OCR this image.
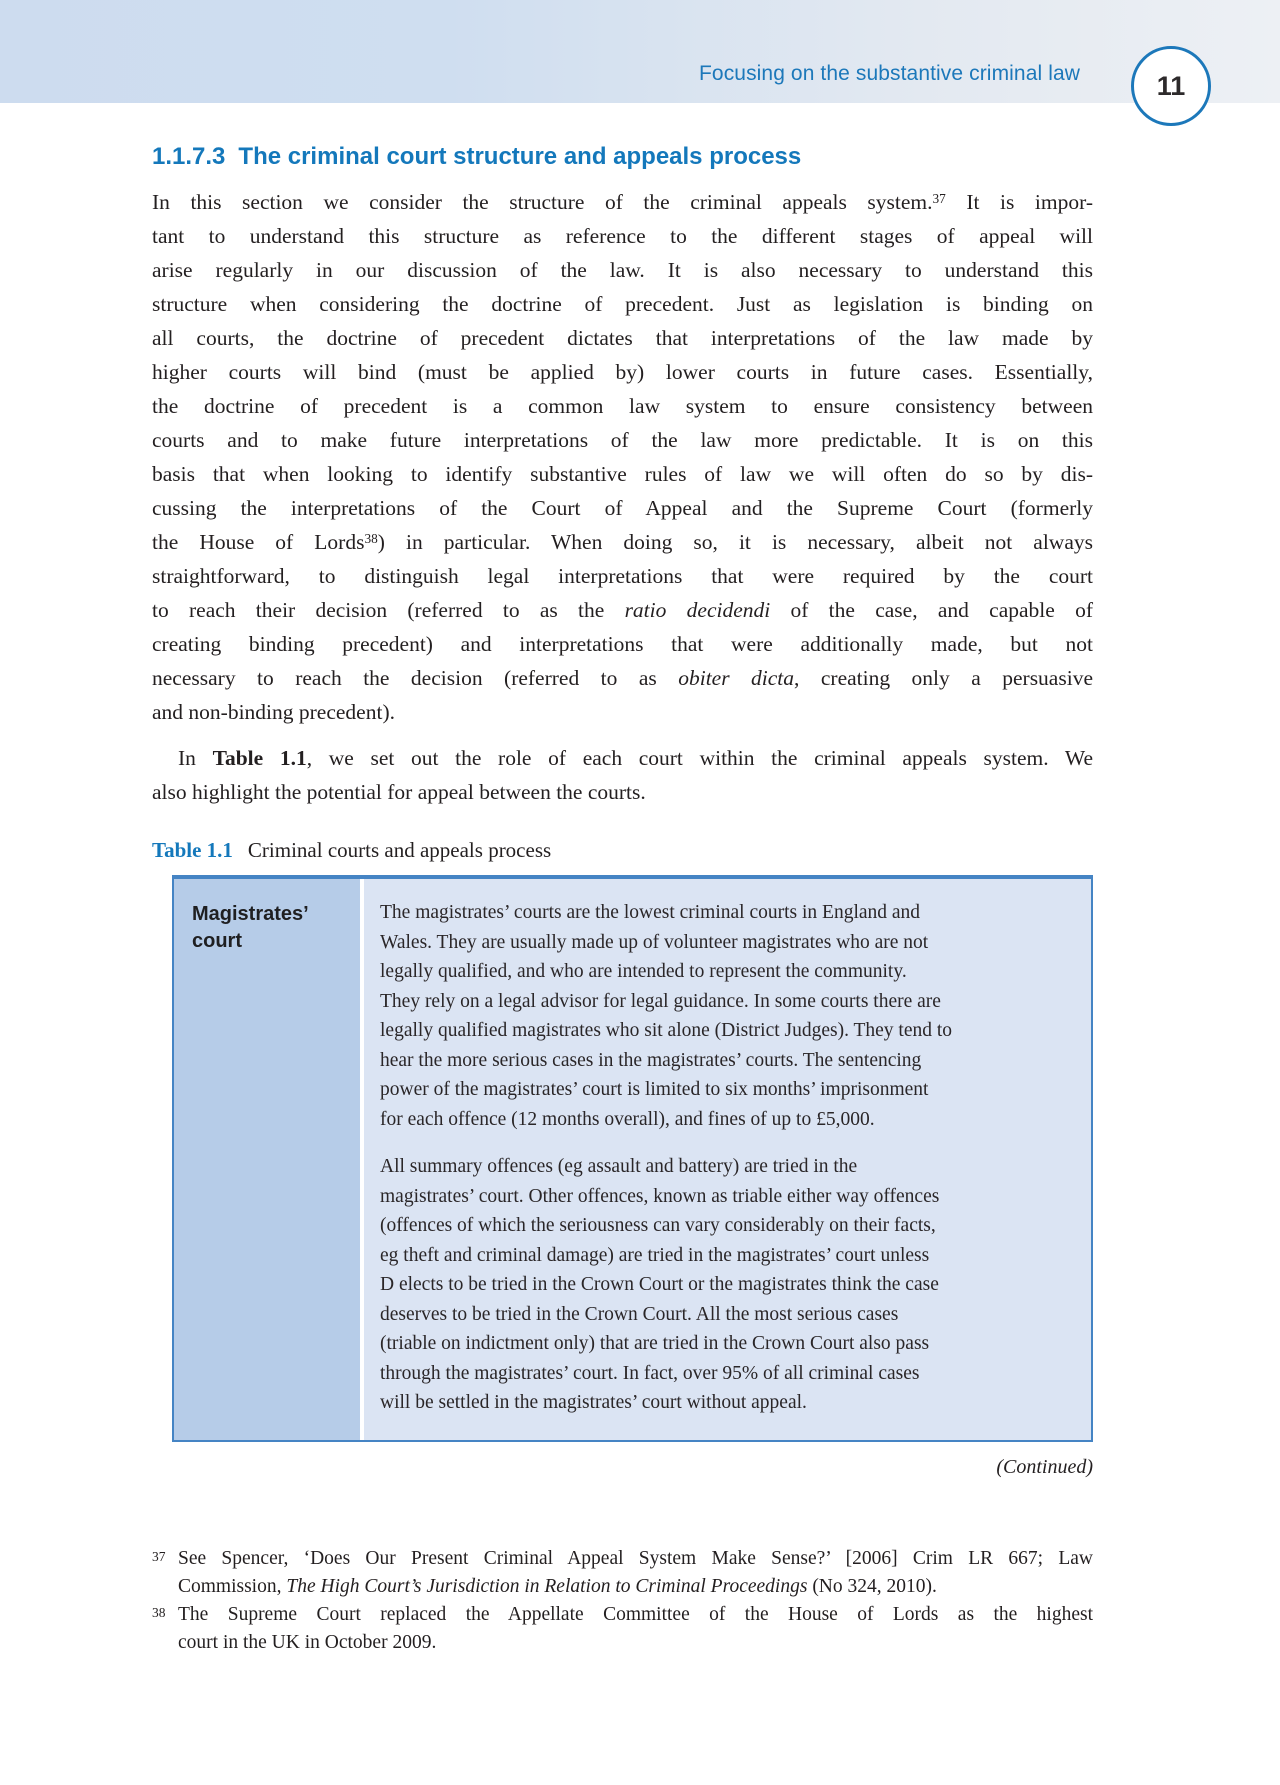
Focusing on the substantive criminal law	11
1.1.7.3 The criminal court structure and appeals process
In this section we consider the structure of the criminal appeals system.$^{37}$ It is impor-
tant to understand this structure as reference to the different stages of appeal will
arise regularly in our discussion of the law. It is also necessary to understand this
structure when considering the doctrine of precedent. Just as legislation is binding on
all courts, the doctrine of precedent dictates that interpretations of the law made by
higher courts will bind (must be applied by) lower courts in future cases. Essentially,
the doctrine of precedent is a common law system to ensure consistency between
courts and to make future interpretations of the law more predictable. It is on this
basis that when looking to identify substantive rules of law we will often do so by dis-
cussing the interpretations of the Court of Appeal and the Supreme Court (formerly
the House of Lords$^{38}$) in particular. When doing so, it is necessary, albeit not always
straightforward, to distinguish legal interpretations that were required by the court
to reach their decision (referred to as the ratio decidendi of the case, and capable of
creating binding precedent) and interpretations that were additionally made, but not
necessary to reach the decision (referred to as obiter dicta, creating only a persuasive
and non-binding precedent).
In Table 1.1, we set out the role of each court within the criminal appeals system. We
also highlight the potential for appeal between the courts.
Table 1.1 Criminal courts and appeals process
Magistrates’ court
The magistrates’ courts are the lowest criminal courts in England and
Wales. They are usually made up of volunteer magistrates who are not
legally qualified, and who are intended to represent the community.
They rely on a legal advisor for legal guidance. In some courts there are
legally qualified magistrates who sit alone (District Judges). They tend to
hear the more serious cases in the magistrates’ courts. The sentencing
power of the magistrates’ court is limited to six months’ imprisonment
for each offence (12 months overall), and fines of up to £5,000.
All summary offences (eg assault and battery) are tried in the
magistrates’ court. Other offences, known as triable either way offences
(offences of which the seriousness can vary considerably on their facts,
eg theft and criminal damage) are tried in the magistrates’ court unless
D elects to be tried in the Crown Court or the magistrates think the case
deserves to be tried in the Crown Court. All the most serious cases
(triable on indictment only) that are tried in the Crown Court also pass
through the magistrates’ court. In fact, over 95% of all criminal cases
will be settled in the magistrates’ court without appeal.
(Continued)
37 See Spencer, ‘Does Our Present Criminal Appeal System Make Sense?’ [2006] Crim LR 667; Law
Commission, The High Court’s Jurisdiction in Relation to Criminal Proceedings (No 324, 2010).
38 The Supreme Court replaced the Appellate Committee of the House of Lords as the highest
court in the UK in October 2009.
